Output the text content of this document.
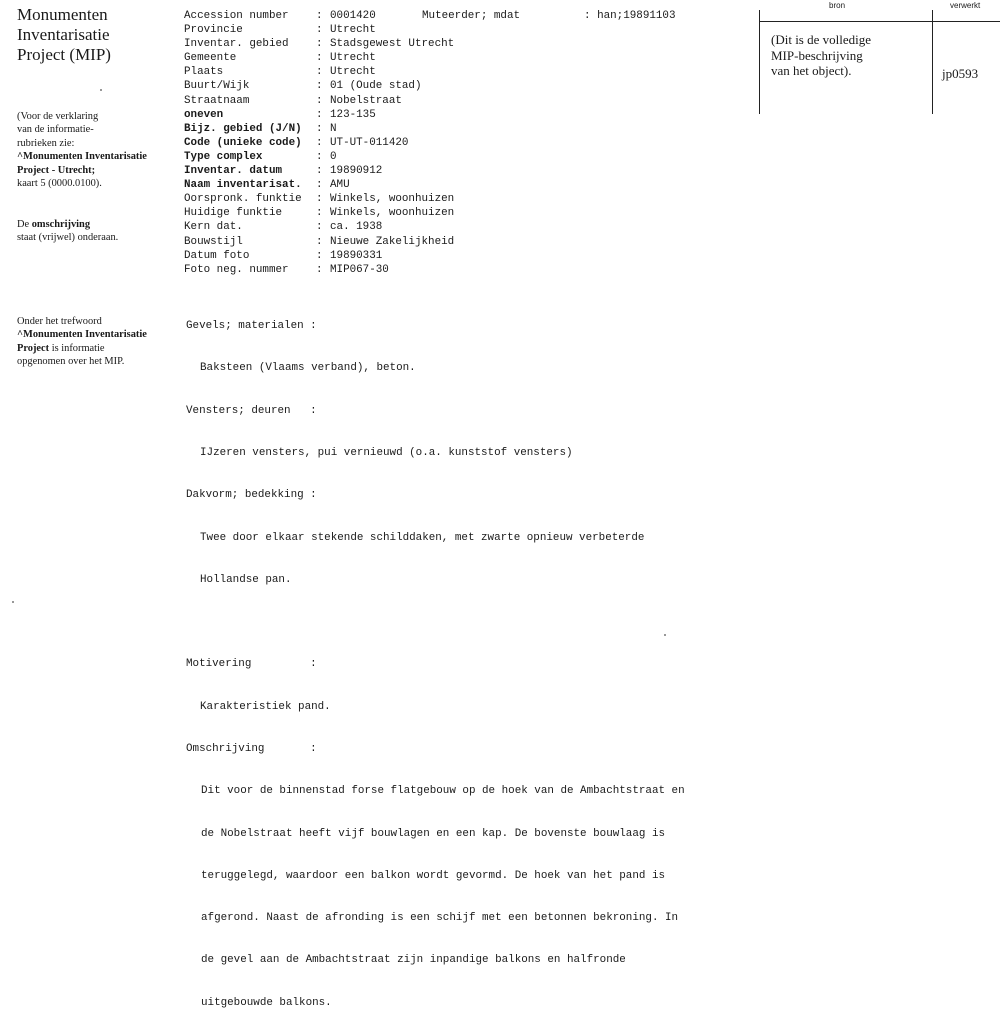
Monumenten
Inventarisatie
Project (MIP)
(Voor de verklaring
van de informatie-
rubrieken zie:
^Monumenten Inventarisatie
Project - Utrecht;
kaart 5 (0000.0100).
De omschrijving
staat (vrijwel) onderaan.
Onder het trefwoord
^Monumenten Inventarisatie
Project is informatie
opgenomen over het MIP.
Accession number	: 0001420
Provincie	: Utrecht
Inventar. gebied	: Stadsgewest Utrecht
Gemeente	: Utrecht
Plaats	: Utrecht
Buurt/Wijk	: 01 (Oude stad)
Straatnaam	: Nobelstraat
oneven	: 123-135
Bijz. gebied (J/N)	: N
Code (unieke code)	: UT-UT-011420
Type complex	: 0
Inventar. datum	: 19890912
Naam inventarisat.	: AMU
Oorspronk. funktie	: Winkels, woonhuizen
Huidige funktie	: Winkels, woonhuizen
Kern dat.	: ca. 1938
Bouwstijl	: Nieuwe Zakelijkheid
Datum foto	: 19890331
Foto neg. nummer	: MIP067-30
Muteerder; mdat	: han;19891103

Gevels; materialen :

Baksteen (Vlaams verband), beton.

Vensters; deuren   :

IJzeren vensters, pui vernieuwd (o.a. kunststof vensters)

Dakvorm; bedekking :

Twee door elkaar stekende schilddaken, met zwarte opnieuw verbeterde

Hollandse pan.

Motivering         :

Karakteristiek pand.

Omschrijving       :

Dit voor de binnenstad forse flatgebouw op de hoek van de Ambachtstraat en

de Nobelstraat heeft vijf bouwlagen en een kap. De bovenste bouwlaag is

teruggelegd, waardoor een balkon wordt gevormd. De hoek van het pand is

afgerond. Naast de afronding is een schijf met een betonnen bekroning. In

de gevel aan de Ambachtstraat zijn inpandige balkons en halfronde

uitgebouwde balkons.

bron	verwerkt
(Dit is de volledige
MIP-beschrijving
van het object).	jp0593
